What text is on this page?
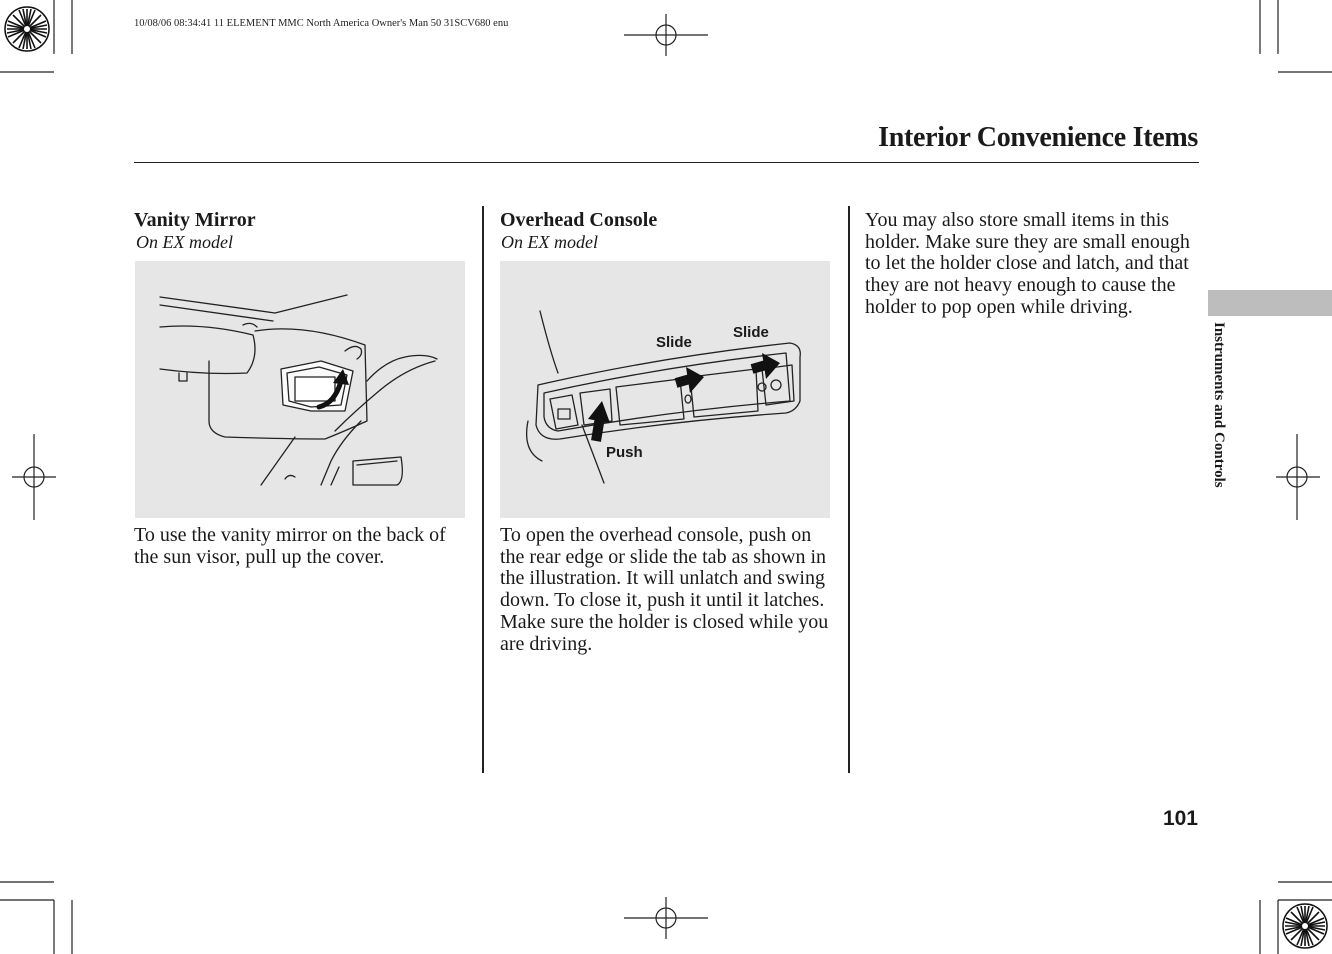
10/08/06 08:34:41 11 ELEMENT MMC North America Owner's Man 50 31SCV680 enu
Interior Convenience Items
Vanity Mirror
On EX model

To use the vanity mirror on the back of the sun visor, pull up the cover.

Overhead Console
On EX model
Slide
Slide
Push

To open the overhead console, push on the rear edge or slide the tab as shown in the illustration. It will unlatch and swing down. To close it, push it until it latches. Make sure the holder is closed while you are driving.

You may also store small items in this holder. Make sure they are small enough to let the holder close and latch, and that they are not heavy enough to cause the holder to pop open while driving.

Instruments and Controls
101
